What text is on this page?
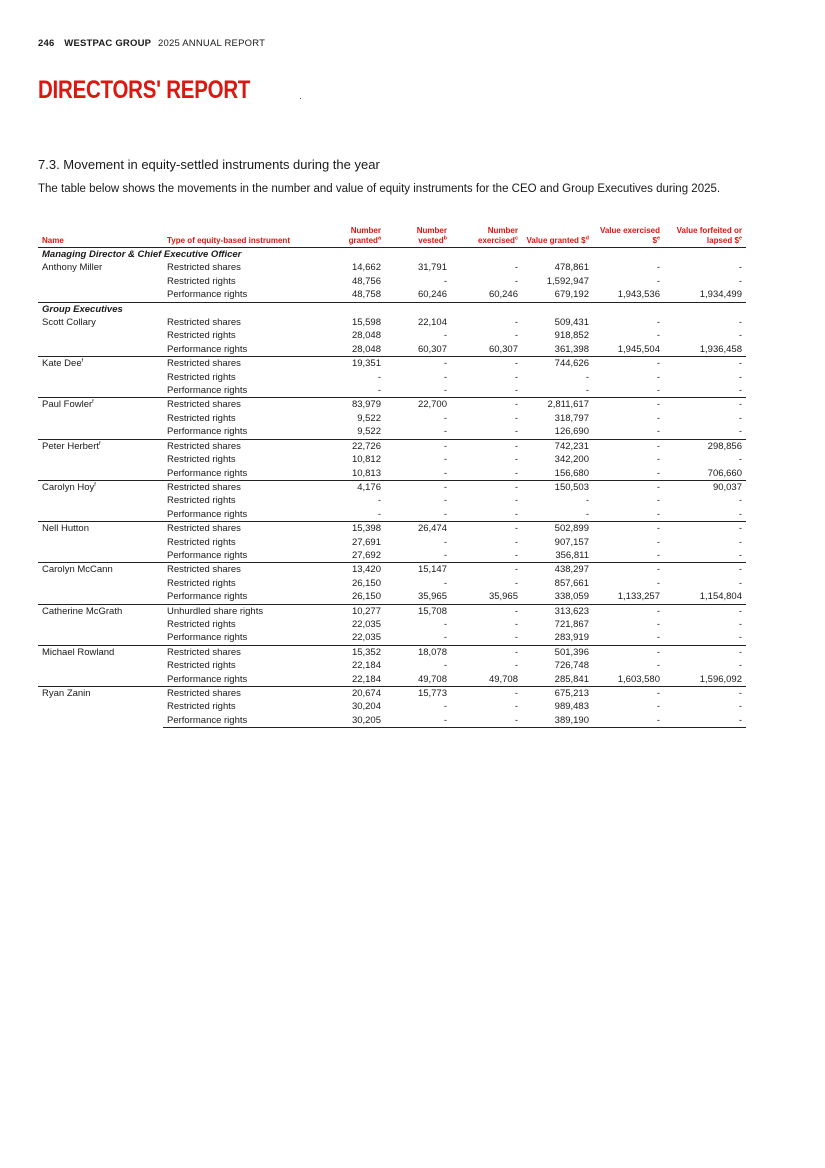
246 WESTPAC GROUP 2025 ANNUAL REPORT
DIRECTORS' REPORT
7.3. Movement in equity-settled instruments during the year

The table below shows the movements in the number and value of equity instruments for the CEO and Group Executives during 2025.

Name	Type of equity-based instrument	Number granted$^a$	Number vested$^b$	Number exercised$^c$	Value granted \$$^d$	Value exercised \$$^e$	Value forfeited or lapsed \$$^e$
Managing Director & Chief Executive Officer							
Anthony Miller	Restricted shares	14,662	31,791	-	478,861	-	-
	Restricted rights	48,756	-	-	1,592,947	-	-
	Performance rights	48,758	60,246	60,246	679,192	1,943,536	1,934,499
Group Executives							
Scott Collary	Restricted shares	15,598	22,104	-	509,431	-	-
	Restricted rights	28,048	-	-	918,852	-	-
	Performance rights	28,048	60,307	60,307	361,398	1,945,504	1,936,458
Kate Dee$^f$	Restricted shares	19,351	-	-	744,626	-	-
	Restricted rights	-	-	-	-	-	-
	Performance rights	-	-	-	-	-	-
Paul Fowler$^f$	Restricted shares	83,979	22,700	-	2,811,617	-	-
	Restricted rights	9,522	-	-	318,797	-	-
	Performance rights	9,522	-	-	126,690	-	-
Peter Herbert$^f$	Restricted shares	22,726	-	-	742,231	-	298,856
	Restricted rights	10,812	-	-	342,200	-	-
	Performance rights	10,813	-	-	156,680	-	706,660
Carolyn Hoy$^f$	Restricted shares	4,176	-	-	150,503	-	90,037
	Restricted rights	-	-	-	-	-	-
	Performance rights	-	-	-	-	-	-
Nell Hutton	Restricted shares	15,398	26,474	-	502,899	-	-
	Restricted rights	27,691	-	-	907,157	-	-
	Performance rights	27,692	-	-	356,811	-	-
Carolyn McCann	Restricted shares	13,420	15,147	-	438,297	-	-
	Restricted rights	26,150	-	-	857,661	-	-
	Performance rights	26,150	35,965	35,965	338,059	1,133,257	1,154,804
Catherine McGrath	Unhurdled share rights	10,277	15,708	-	313,623	-	-
	Restricted rights	22,035	-	-	721,867	-	-
	Performance rights	22,035	-	-	283,919	-	-
Michael Rowland	Restricted shares	15,352	18,078	-	501,396	-	-
	Restricted rights	22,184	-	-	726,748	-	-
	Performance rights	22,184	49,708	49,708	285,841	1,603,580	1,596,092
Ryan Zanin	Restricted shares	20,674	15,773	-	675,213	-	-
	Restricted rights	30,204	-	-	989,483	-	-
	Performance rights	30,205	-	-	389,190	-	-
